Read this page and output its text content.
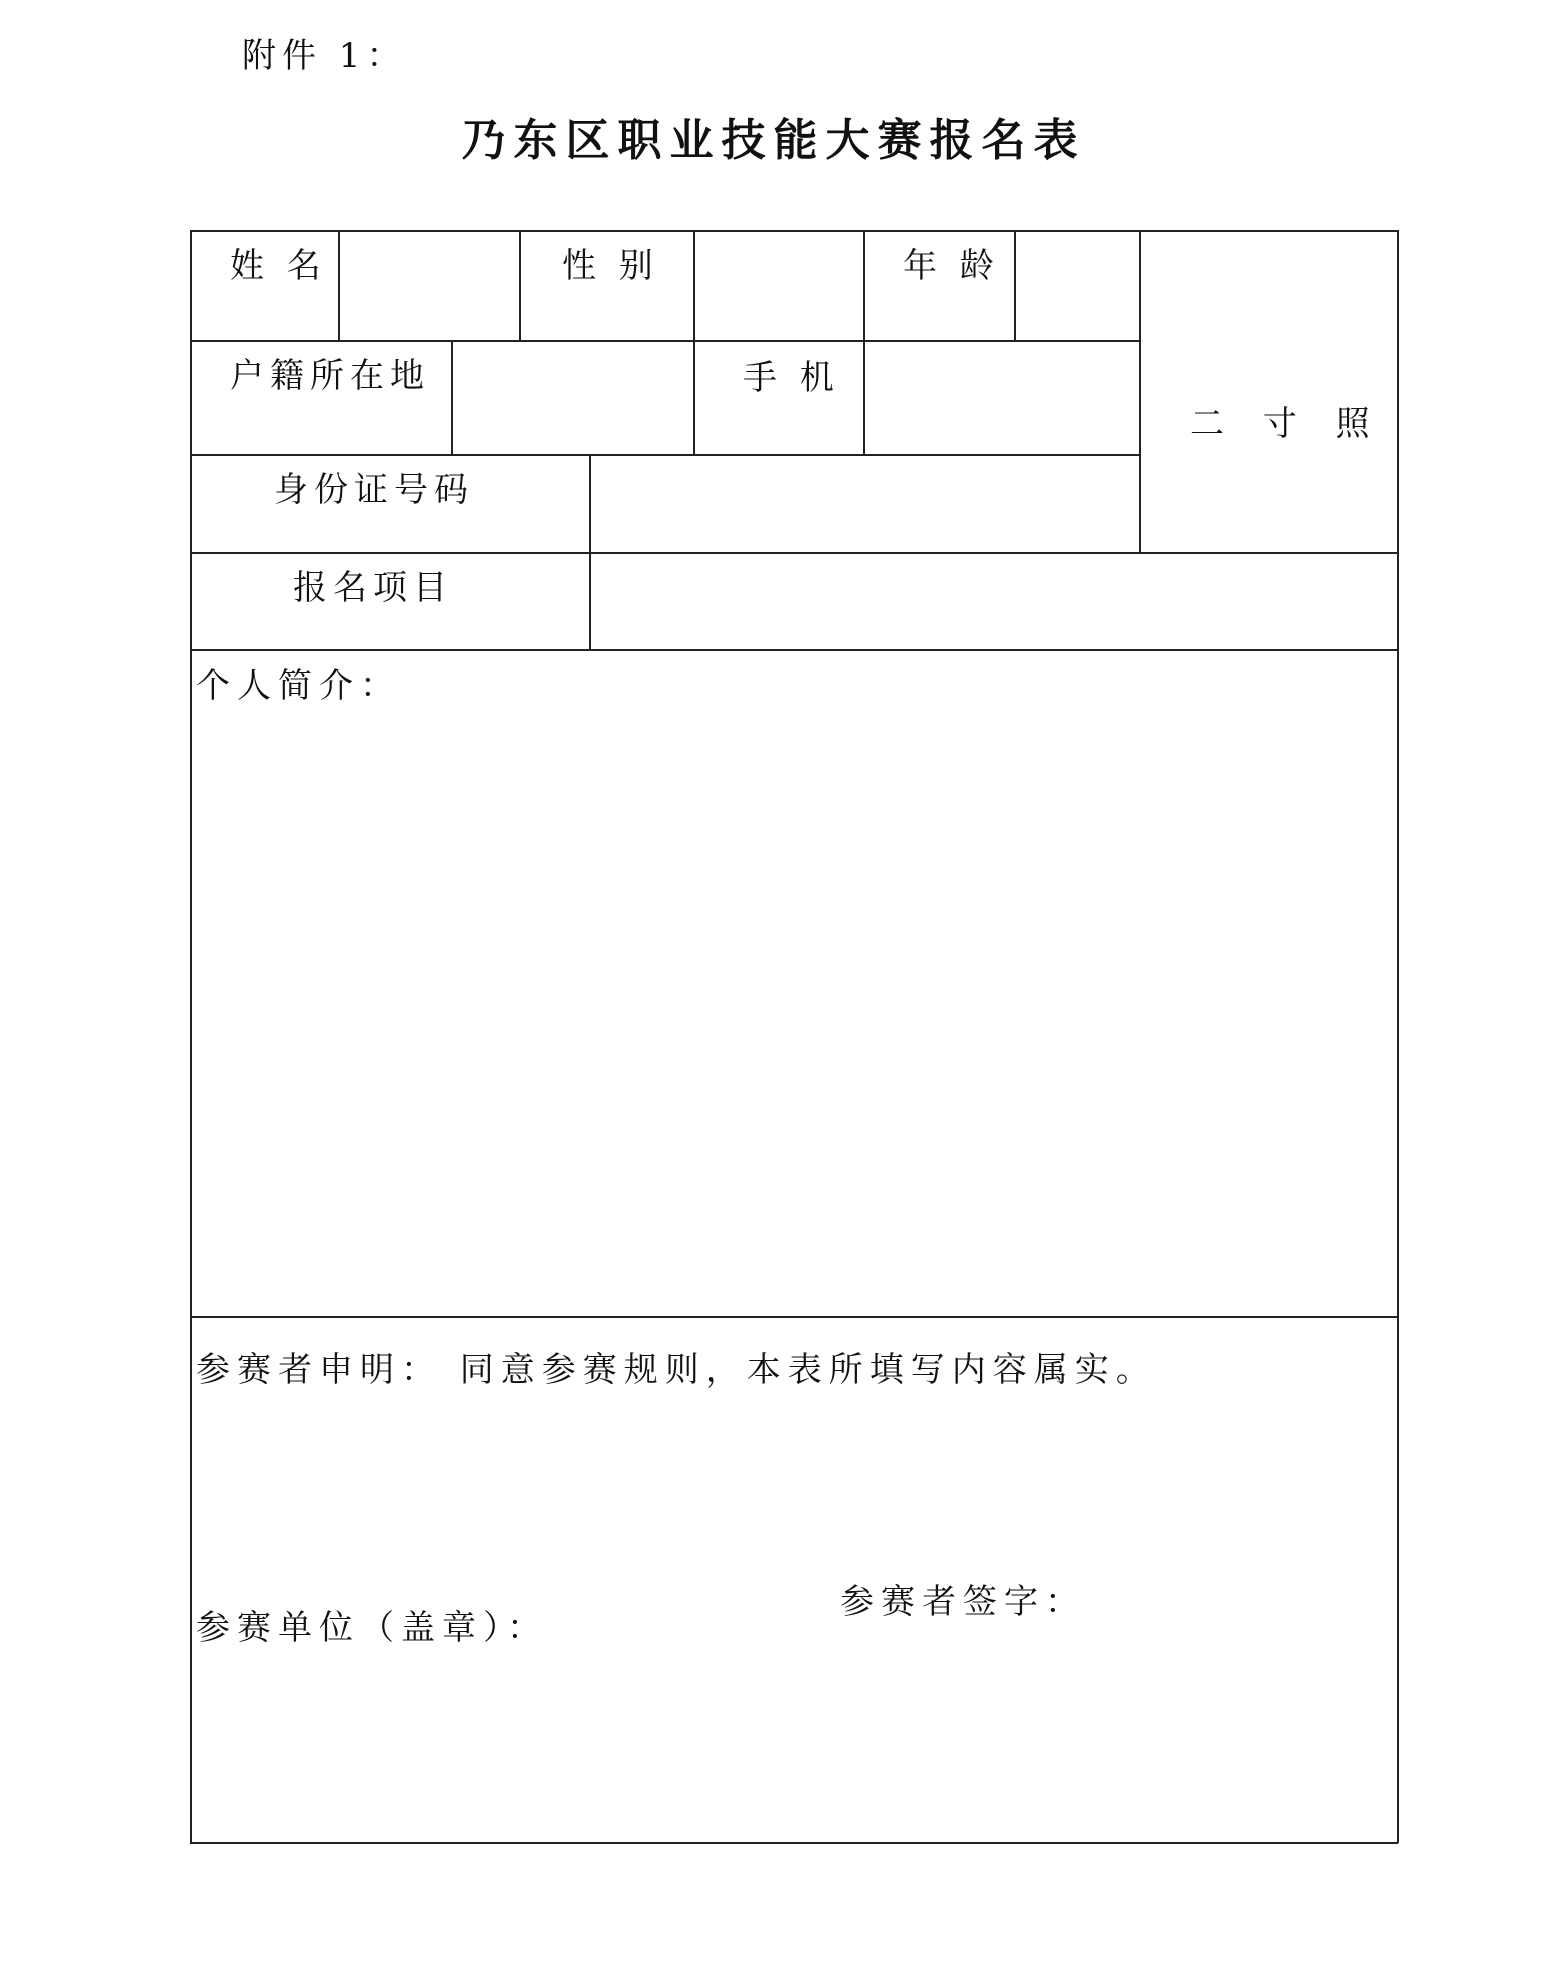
附件 1：
乃东区职业技能大赛报名表
姓 名	性 别	年 龄
户籍所在地	手 机
二 寸 照
身份证号码
报名项目
个人简介：
参赛者申明： 同意参赛规则，本表所填写内容属实。
参赛者签字：
参赛单位（盖章）：
